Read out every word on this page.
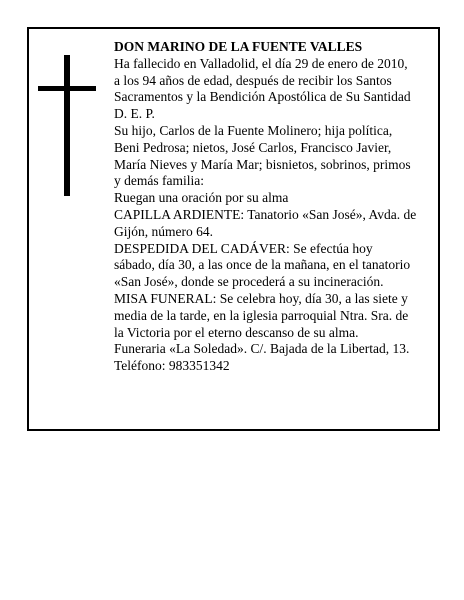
DON MARINO DE LA FUENTE VALLES
Ha fallecido en Valladolid, el día 29 de enero de 2010,
a los 94 años de edad, después de recibir los Santos
Sacramentos y la Bendición Apostólica de Su Santidad
D. E. P.
Su hijo, Carlos de la Fuente Molinero; hija política,
Beni Pedrosa; nietos, José Carlos, Francisco Javier,
María Nieves y María Mar; bisnietos, sobrinos, primos
y demás familia:
Ruegan una oración por su alma
CAPILLA ARDIENTE: Tanatorio «San José», Avda. de
Gijón, número 64.
DESPEDIDA DEL CADÁVER: Se efectúa hoy
sábado, día 30, a las once de la mañana, en el tanatorio
«San José», donde se procederá a su incineración.
MISA FUNERAL: Se celebra hoy, día 30, a las siete y
media de la tarde, en la iglesia parroquial Ntra. Sra. de
la Victoria por el eterno descanso de su alma.
Funeraria «La Soledad». C/. Bajada de la Libertad, 13.
Teléfono: 983351342
